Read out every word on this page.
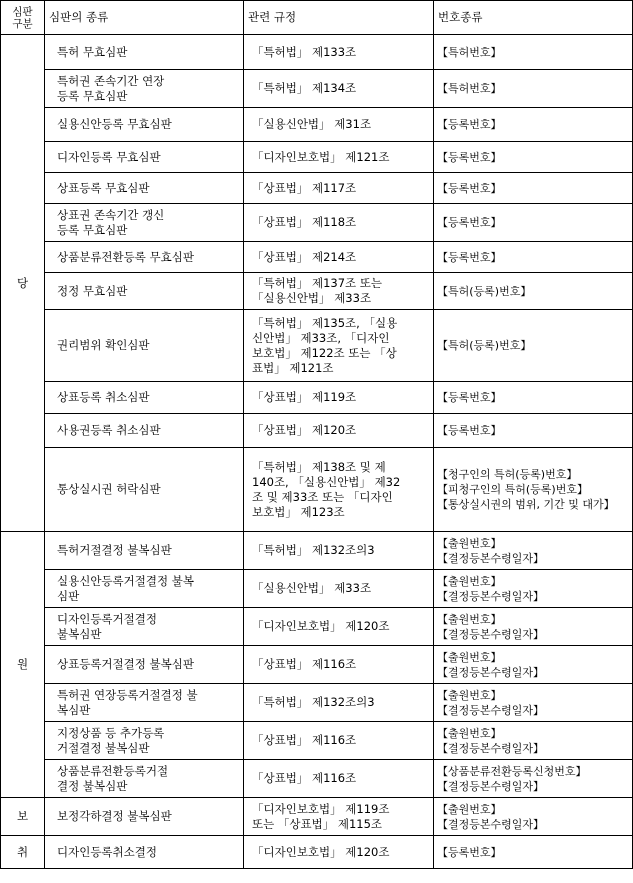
심판
구분	심판의 종류	관련 규정	번호종류
당	특허 무효심판	「특허법」 제133조	【특허번호】
	특허권 존속기간 연장
등록 무효심판	「특허법」 제134조	【특허번호】
	실용신안등록 무효심판	「실용신안법」 제31조	【등록번호】
	디자인등록 무효심판	「디자인보호법」 제121조	【등록번호】
	상표등록 무효심판	「상표법」 제117조	【등록번호】
	상표권 존속기간 갱신
등록 무효심판	「상표법」 제118조	【등록번호】
	상품분류전환등록 무효심판	「상표법」 제214조	【등록번호】
	정정 무효심판	「특허법」 제137조 또는
「실용신안법」 제33조	【특허(등록)번호】
	권리범위 확인심판	「특허법」 제135조, 「실용
신안법」 제33조, 「디자인
보호법」 제122조 또는 「상
표법」 제121조	【특허(등록)번호】
	상표등록 취소심판	「상표법」 제119조	【등록번호】
	사용권등록 취소심판	「상표법」 제120조	【등록번호】
	통상실시권 허락심판	「특허법」 제138조 및 제
140조, 「실용신안법」 제32
조 및 제33조 또는 「디자인
보호법」 제123조	【청구인의 특허(등록)번호】
【피청구인의 특허(등록)번호】
【통상실시권의 범위, 기간 및 대가】
원	특허거절결정 불복심판	「특허법」 제132조의3	【출원번호】
【결정등본수령일자】
	실용신안등록거절결정 불복
심판	「실용신안법」 제33조	【출원번호】
【결정등본수령일자】
	디자인등록거절결정
불복심판	「디자인보호법」 제120조	【출원번호】
【결정등본수령일자】
	상표등록거절결정 불복심판	「상표법」 제116조	【출원번호】
【결정등본수령일자】
	특허권 연장등록거절결정 불
복심판	「특허법」 제132조의3	【출원번호】
【결정등본수령일자】
	지정상품 등 추가등록
거절결정 불복심판	「상표법」 제116조	【출원번호】
【결정등본수령일자】
	상품분류전환등록거절
결정 불복심판	「상표법」 제116조	【상품분류전환등록신청번호】
【결정등본수령일자】
보	보정각하결정 불복심판	「디자인보호법」 제119조
또는 「상표법」 제115조	【출원번호】
【결정등본수령일자】
취	디자인등록취소결정	「디자인보호법」 제120조	【등록번호】
